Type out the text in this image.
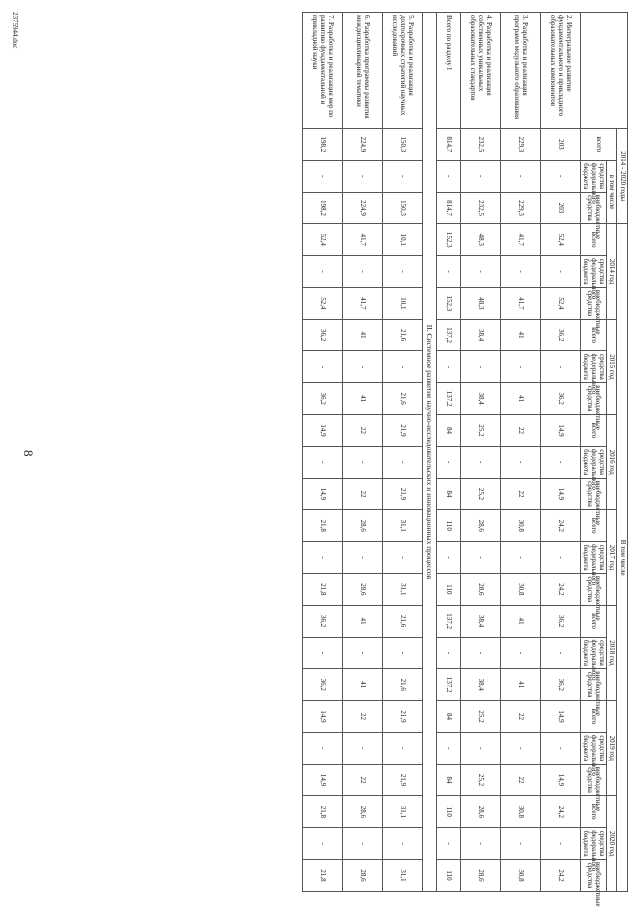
	2014 - 2020 годы			В том числе																				
	всего	в том числе		2014 год			2015 год			2016 год			2017 год			2018 год			2019 год			2020 год		
		средства федерального бюджета	внебюджетные средства	всего	средства федерального бюджета	внебюджетные средства	всего	средства федерального бюджета	внебюджетные средства	всего	средства федерального бюджета	внебюджетные средства	всего	средства федерального бюджета	внебюджетные средства	всего	средства федерального бюджета	внебюджетные средства	всего	средства федерального бюджета	внебюджетные средства	всего	средства федерального бюджета	внебюджетные средства
2. Интегральное развитие фундаментального и прикладного образовательных компонентов	203	-	203	52,4	-	52,4	36,2	-	36,2	14,9	-	14,9	24,2	-	24,2	36,2	-	36,2	14,9	-	14,9	24,2	-	24,2
3. Разработка и реализация программ модульного образования	229,3	-	229,3	41,7	-	41,7	41	-	41	22	-	22	30,8	-	30,8	41	-	41	22	-	22	30,8	-	30,8
4. Разработка и реализация собственных уникальных образовательных стандартов	232,5	-	232,5	48,3	-	48,3	38,4	-	38,4	25,2	-	25,2	28,6	-	28,6	38,4	-	38,4	25,2	-	25,2	28,6	-	28,6
Всего по разделу I	814,7	-	814,7	152,3	-	152,3	137,2	-	137,2	84	-	84	110	-	110	137,2	-	137,2	84	-	84	110	-	110
II. Системное развитие научно-исследовательских и инновационных процессов																								
5. Разработка и реализация долгосрочных стратегий научных исследований	150,3	-	150,3	10,1	-	10,1	21,6	-	21,6	21,9	-	21,9	31,1	-	31,1	21,6	-	21,6	21,9	-	21,9	31,1	-	31,1
6. Разработка программы развития междисциплинарной тематики	224,9	-	224,9	41,7	-	41,7	41	-	41	22	-	22	28,6	-	28,6	41	-	41	22	-	22	28,6	-	28,6
7. Разработка и реализация мер по развитию фундаментальной и прикладной науки	198,2	-	198,2	52,4	-	52,4	36,2	-	36,2	14,9	-	14,9	21,8	-	21,8	36,2	-	36,2	14,9	-	14,9	21,8	-	21,8
8
2375944.doc
